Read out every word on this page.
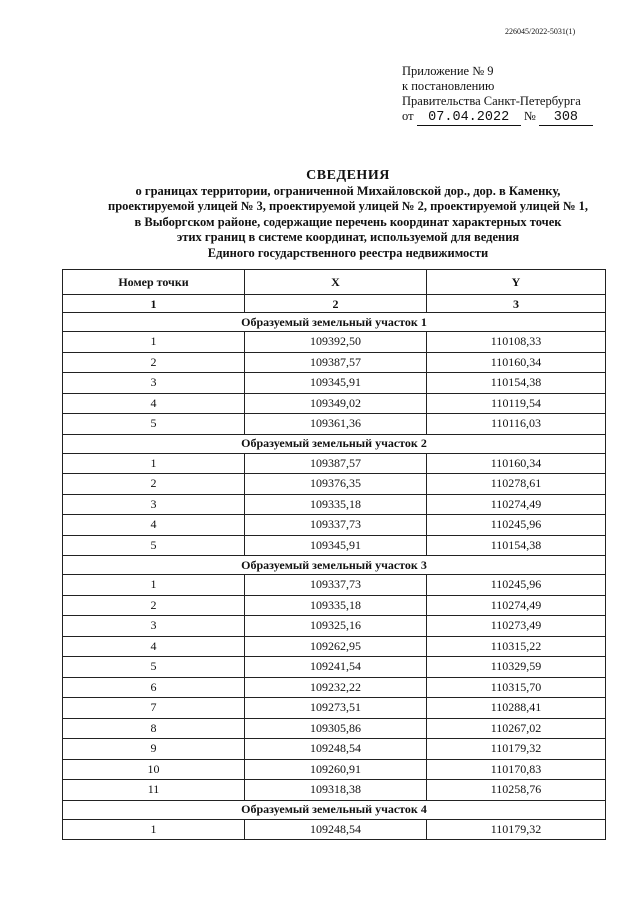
226045/2022-5031(1)
Приложение № 9
к постановлению
Правительства Санкт-Петербурга
от 07.04.2022 № 308
СВЕДЕНИЯ
о границах территории, ограниченной Михайловской дор., дор. в Каменку,
проектируемой улицей № 3, проектируемой улицей № 2, проектируемой улицей № 1,
в Выборгском районе, содержащие перечень координат характерных точек
этих границ в системе координат, используемой для ведения
Единого государственного реестра недвижимости
Номер точки	X	Y
1	2	3
Образуемый земельный участок 1		
1	109392,50	110108,33
2	109387,57	110160,34
3	109345,91	110154,38
4	109349,02	110119,54
5	109361,36	110116,03
Образуемый земельный участок 2		
1	109387,57	110160,34
2	109376,35	110278,61
3	109335,18	110274,49
4	109337,73	110245,96
5	109345,91	110154,38
Образуемый земельный участок 3		
1	109337,73	110245,96
2	109335,18	110274,49
3	109325,16	110273,49
4	109262,95	110315,22
5	109241,54	110329,59
6	109232,22	110315,70
7	109273,51	110288,41
8	109305,86	110267,02
9	109248,54	110179,32
10	109260,91	110170,83
11	109318,38	110258,76
Образуемый земельный участок 4		
1	109248,54	110179,32
